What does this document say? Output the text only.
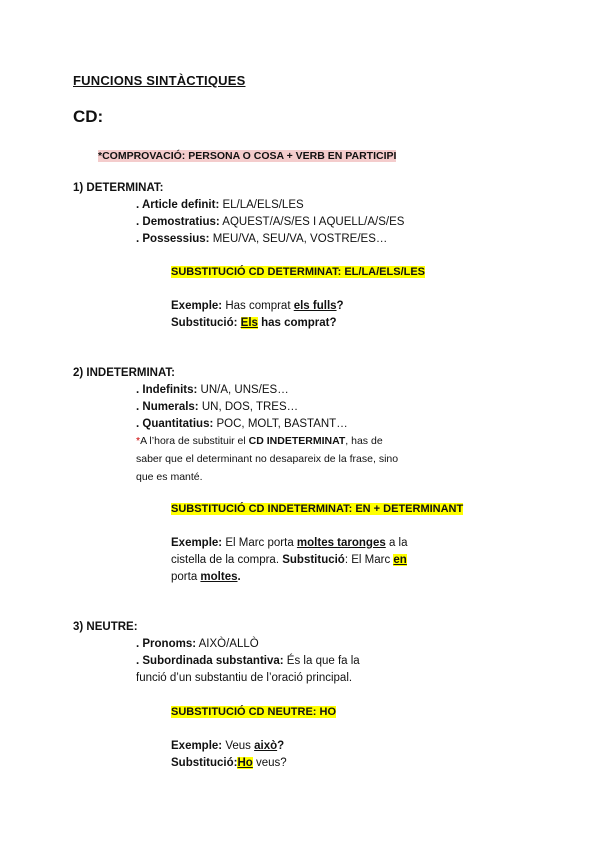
FUNCIONS SINTÀCTIQUES
CD:
*COMPROVACIÓ: PERSONA O COSA + VERB EN PARTICIPI
1) DETERMINAT:
. Article definit: EL/LA/ELS/LES
. Demostratius: AQUEST/A/S/ES I AQUELL/A/S/ES
. Possessius: MEU/VA, SEU/VA, VOSTRE/ES…
SUBSTITUCIÓ CD DETERMINAT: EL/LA/ELS/LES
Exemple: Has comprat els fulls?
Substitució: Els has comprat?
2) INDETERMINAT:
. Indefinits: UN/A, UNS/ES…
. Numerals: UN, DOS, TRES…
. Quantitatius: POC, MOLT, BASTANT…
*A l’hora de substituir el CD INDETERMINAT, has de
saber que el determinant no desapareix de la frase, sino
que es manté.
SUBSTITUCIÓ CD INDETERMINAT: EN + DETERMINANT
Exemple: El Marc porta moltes taronges a la
cistella de la compra. Substitució: El Marc en
porta moltes.
3) NEUTRE:
. Pronoms: AIXÒ/ALLÒ
. Subordinada substantiva: És la que fa la
funció d’un substantiu de l’oració principal.
SUBSTITUCIÓ CD NEUTRE: HO
Exemple: Veus això?
Substitució:Ho veus?
